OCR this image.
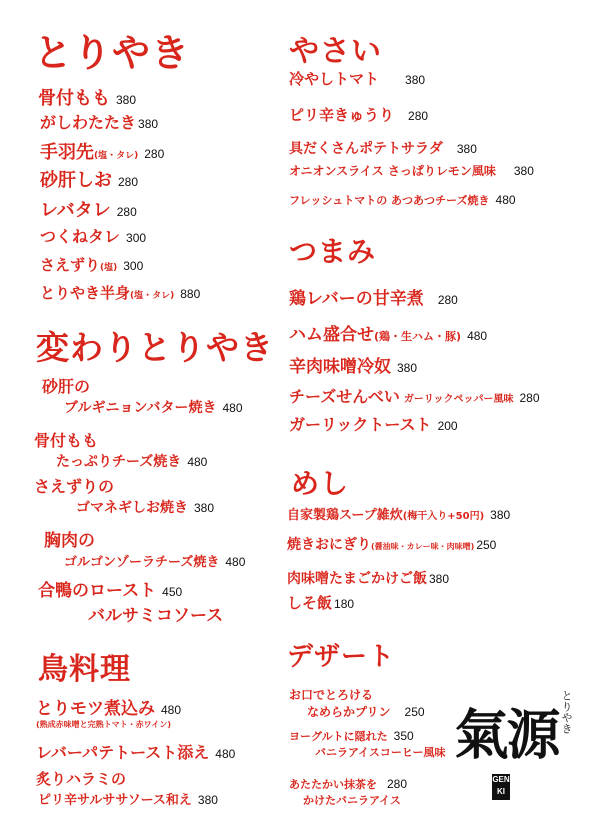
とりやき
骨付もも 380
がしわたたき 380
手羽先(塩・タレ) 280
砂肝しお 280
レバタレ 280
つくねタレ 300
さえずり(塩) 300
とりやき半身(塩・タレ) 880
変わりとりやき
砂肝の
ブルギニョンバター焼き 480
骨付もも
たっぷりチーズ焼き 480
さえずりの
ゴマネギしお焼き 380
胸肉の
ゴルゴンゾーラチーズ焼き 480
合鴨のロースト 450
バルサミコソース
鳥料理
とりモツ煮込み 480
(熟成赤味噌と完熟トマト・赤ワイン)
レバーパテトースト添え 480
炙りハラミの
ピリ辛サルササソース和え 380
やさい
冷やしトマト 380
ピリ辛きゅうり 280
具だくさんポテトサラダ 380
オニオンスライス さっぱりレモン風味 380
フレッシュトマトの あつあつチーズ焼き 480
つまみ
鶏レバーの甘辛煮 280
ハム盛合せ(鶏・生ハム・豚) 480
辛肉味噌冷奴 380
チーズせんべい ガーリックペッパー風味 280
ガーリックトースト 200
めし
自家製鶏スープ雑炊(梅干入り+50円) 380
焼きおにぎり(醤油味・カレー味・肉味噌) 250
肉味噌たまごかけご飯 380
しそ飯 180
デザート
お口でとろける
なめらかプリン 250
ヨーグルトに隠れた 350
バニラアイスコーヒー風味
あたたかい抹茶を 280
かけたバニラアイス
源氣	とりやき
GEN KI
